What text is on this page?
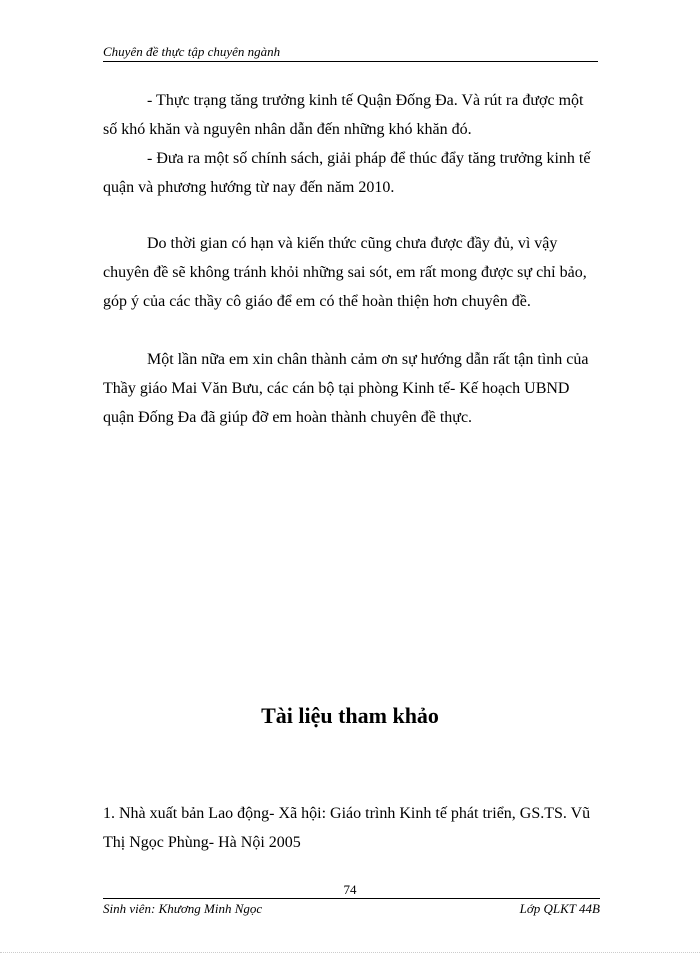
Chuyên đề thực tập chuyên ngành

- Thực trạng tăng trưởng kinh tế Quận Đống Đa. Và rút ra được một số khó khăn và nguyên nhân dẫn đến những khó khăn đó.

- Đưa ra một số chính sách, giải pháp để thúc đẩy tăng trưởng kinh tế quận và phương hướng từ nay đến năm 2010.

Do thời gian có hạn và kiến thức cũng chưa được đầy đủ, vì vậy chuyên đề sẽ không tránh khỏi những sai sót, em rất mong được sự chỉ bảo, góp ý của các thầy cô giáo để em có thể hoàn thiện hơn chuyên đề.

Một lần nữa em xin chân thành cảm ơn sự hướng dẫn rất tận tình của Thầy giáo Mai Văn Bưu, các cán bộ tại phòng Kinh tế- Kế hoạch UBND quận Đống Đa đã giúp đỡ em hoàn thành chuyên đề thực.

Tài liệu tham khảo

1. Nhà xuất bản Lao động- Xã hội: Giáo trình Kinh tế phát triển, GS.TS. Vũ Thị Ngọc Phùng- Hà Nội 2005

74
Sinh viên: Khương Minh Ngọc	Lớp QLKT 44B
